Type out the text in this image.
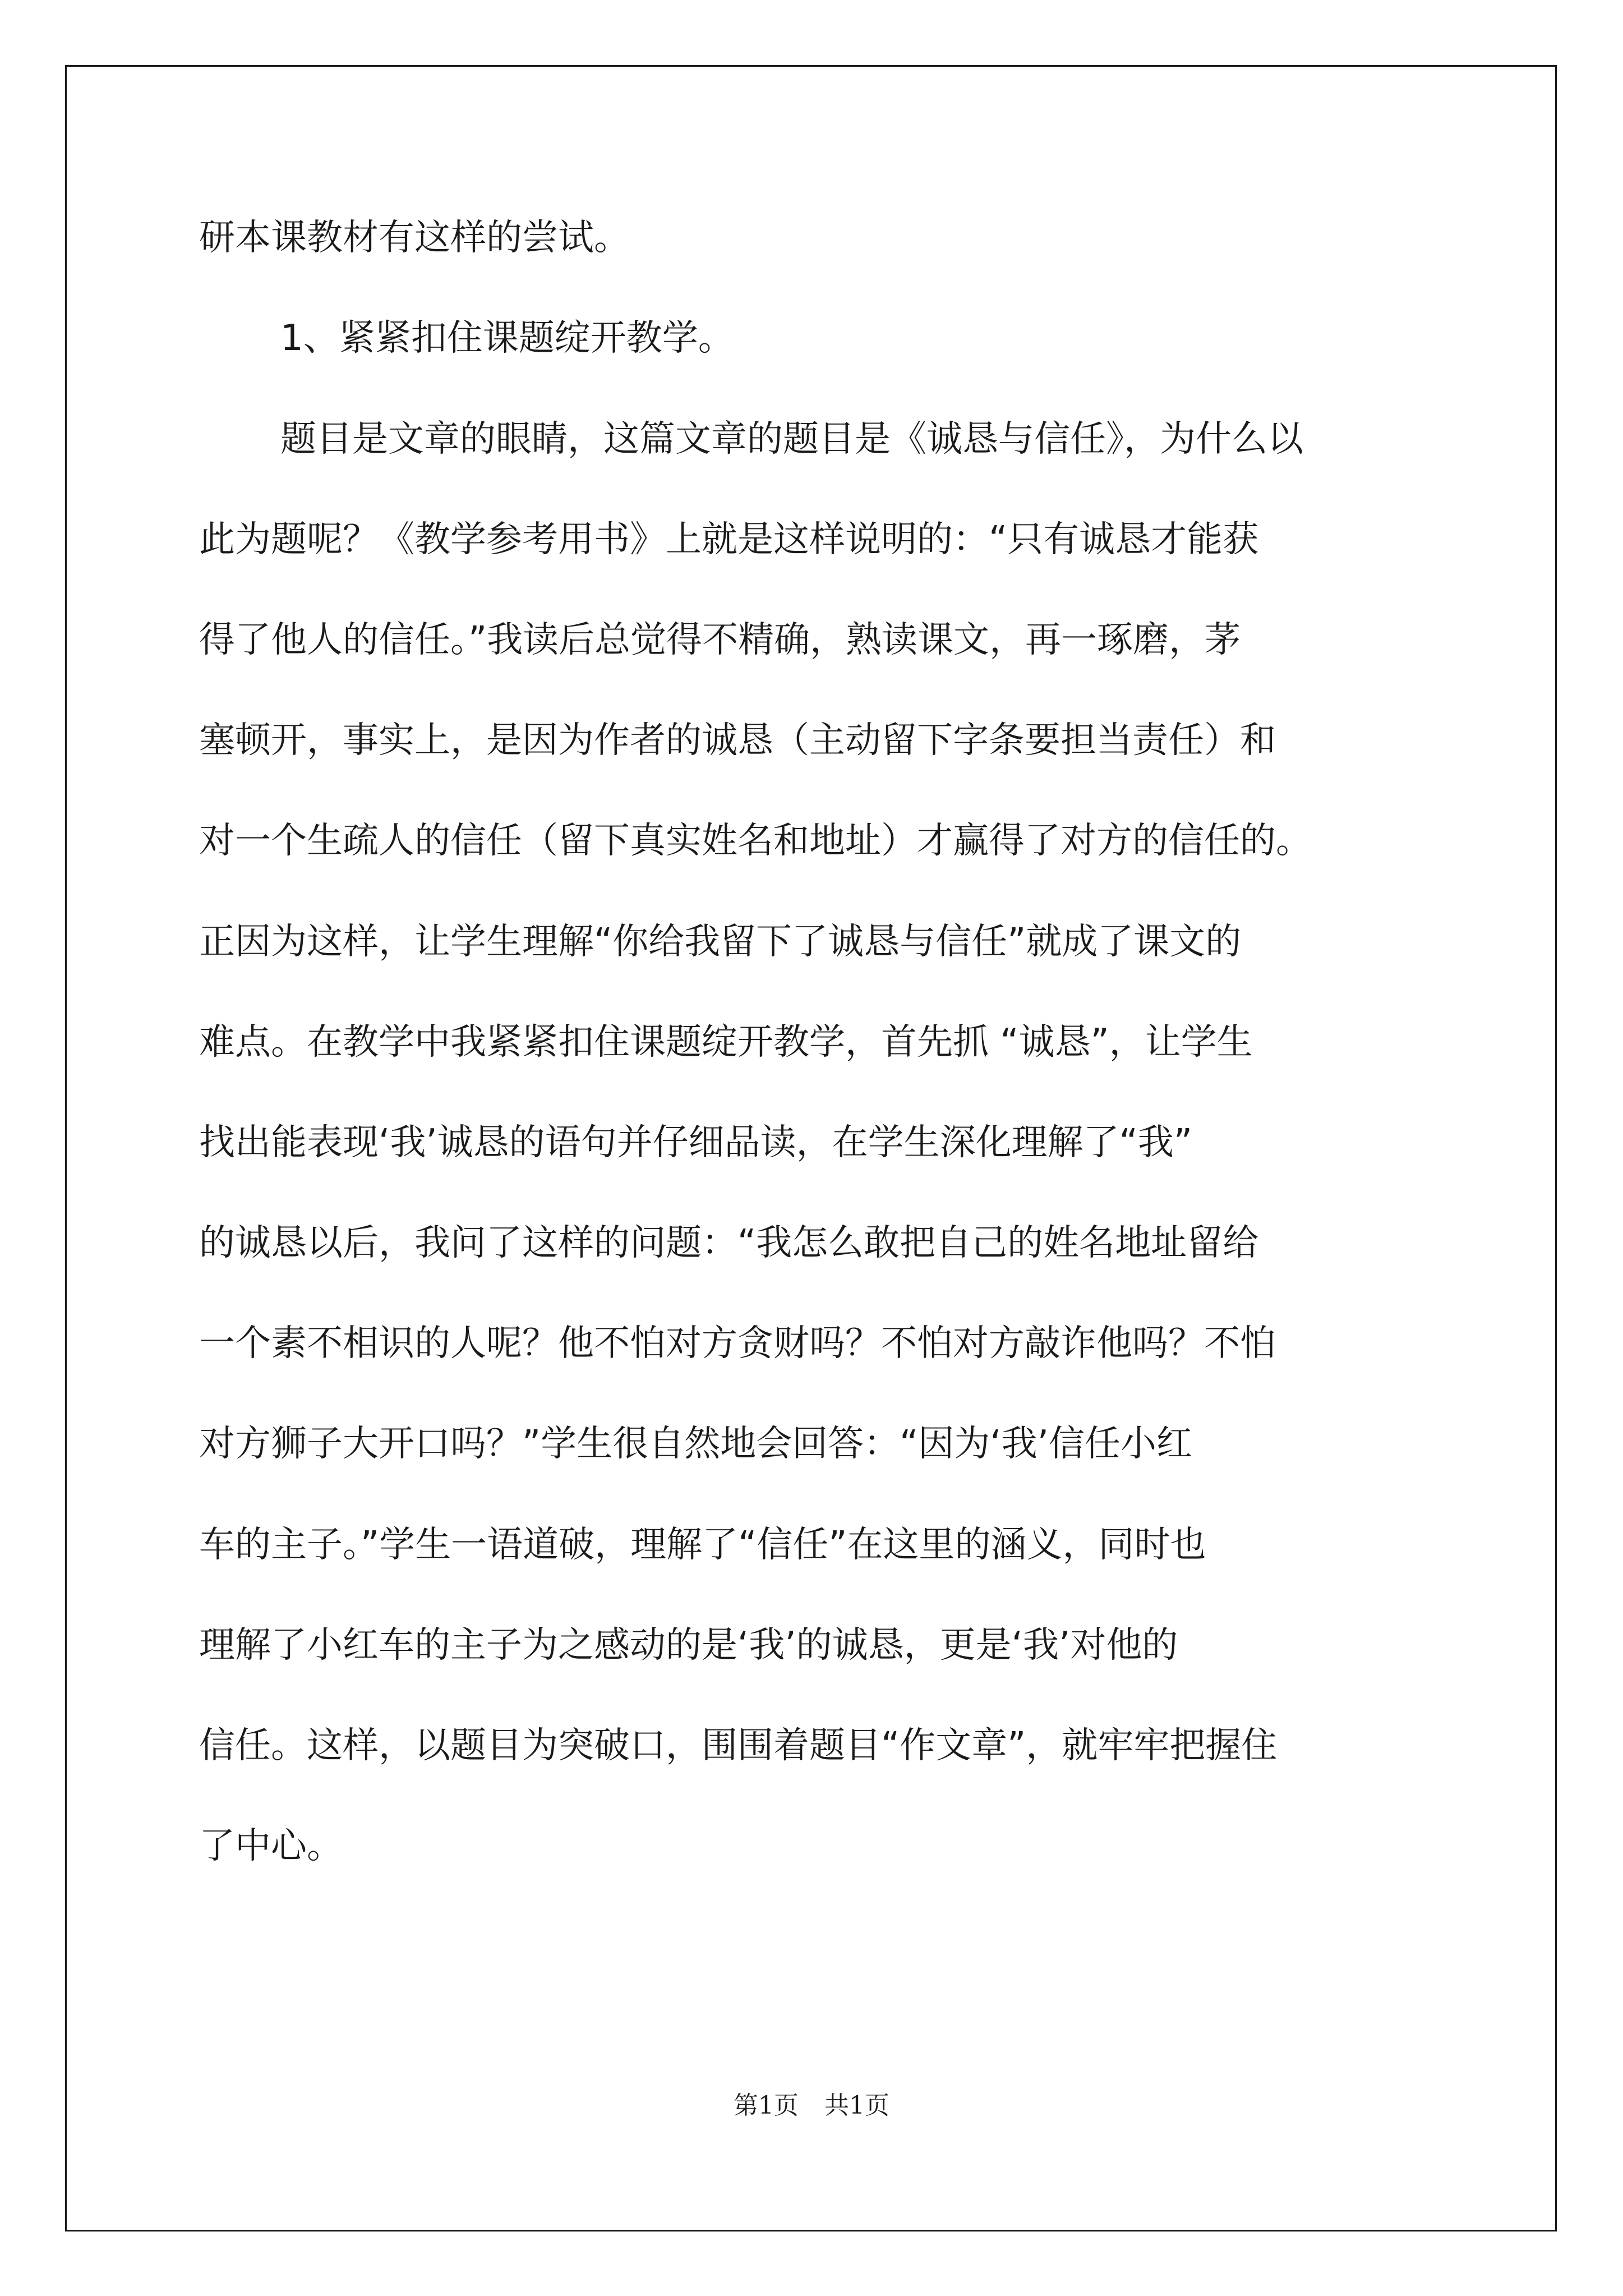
研本课教材有这样的尝试。

1、紧紧扣住课题绽开教学。

题目是文章的眼睛，这篇文章的题目是《诚恳与信任》，为什么以

此为题呢？《教学参考用书》上就是这样说明的：“只有诚恳才能获

得了他人的信任。”我读后总觉得不精确，熟读课文，再一琢磨，茅

塞顿开，事实上，是因为作者的诚恳（主动留下字条要担当责任）和

对一个生疏人的信任（留下真实姓名和地址）才赢得了对方的信任的。

正因为这样，让学生理解“你给我留下了诚恳与信任”就成了课文的

难点。在教学中我紧紧扣住课题绽开教学，首先抓 “诚恳”，让学生

找出能表现‘我’诚恳的语句并仔细品读，在学生深化理解了“我”

的诚恳以后，我问了这样的问题：“我怎么敢把自己的姓名地址留给

一个素不相识的人呢？他不怕对方贪财吗？不怕对方敲诈他吗？不怕

对方狮子大开口吗？”学生很自然地会回答：“因为‘我’信任小红

车的主子。”学生一语道破，理解了“信任”在这里的涵义，同时也

理解了小红车的主子为之感动的是‘我’的诚恳，更是‘我’对他的

信任。这样，以题目为突破口，围围着题目“作文章”，就牢牢把握住

了中心。

第1页 共1页
